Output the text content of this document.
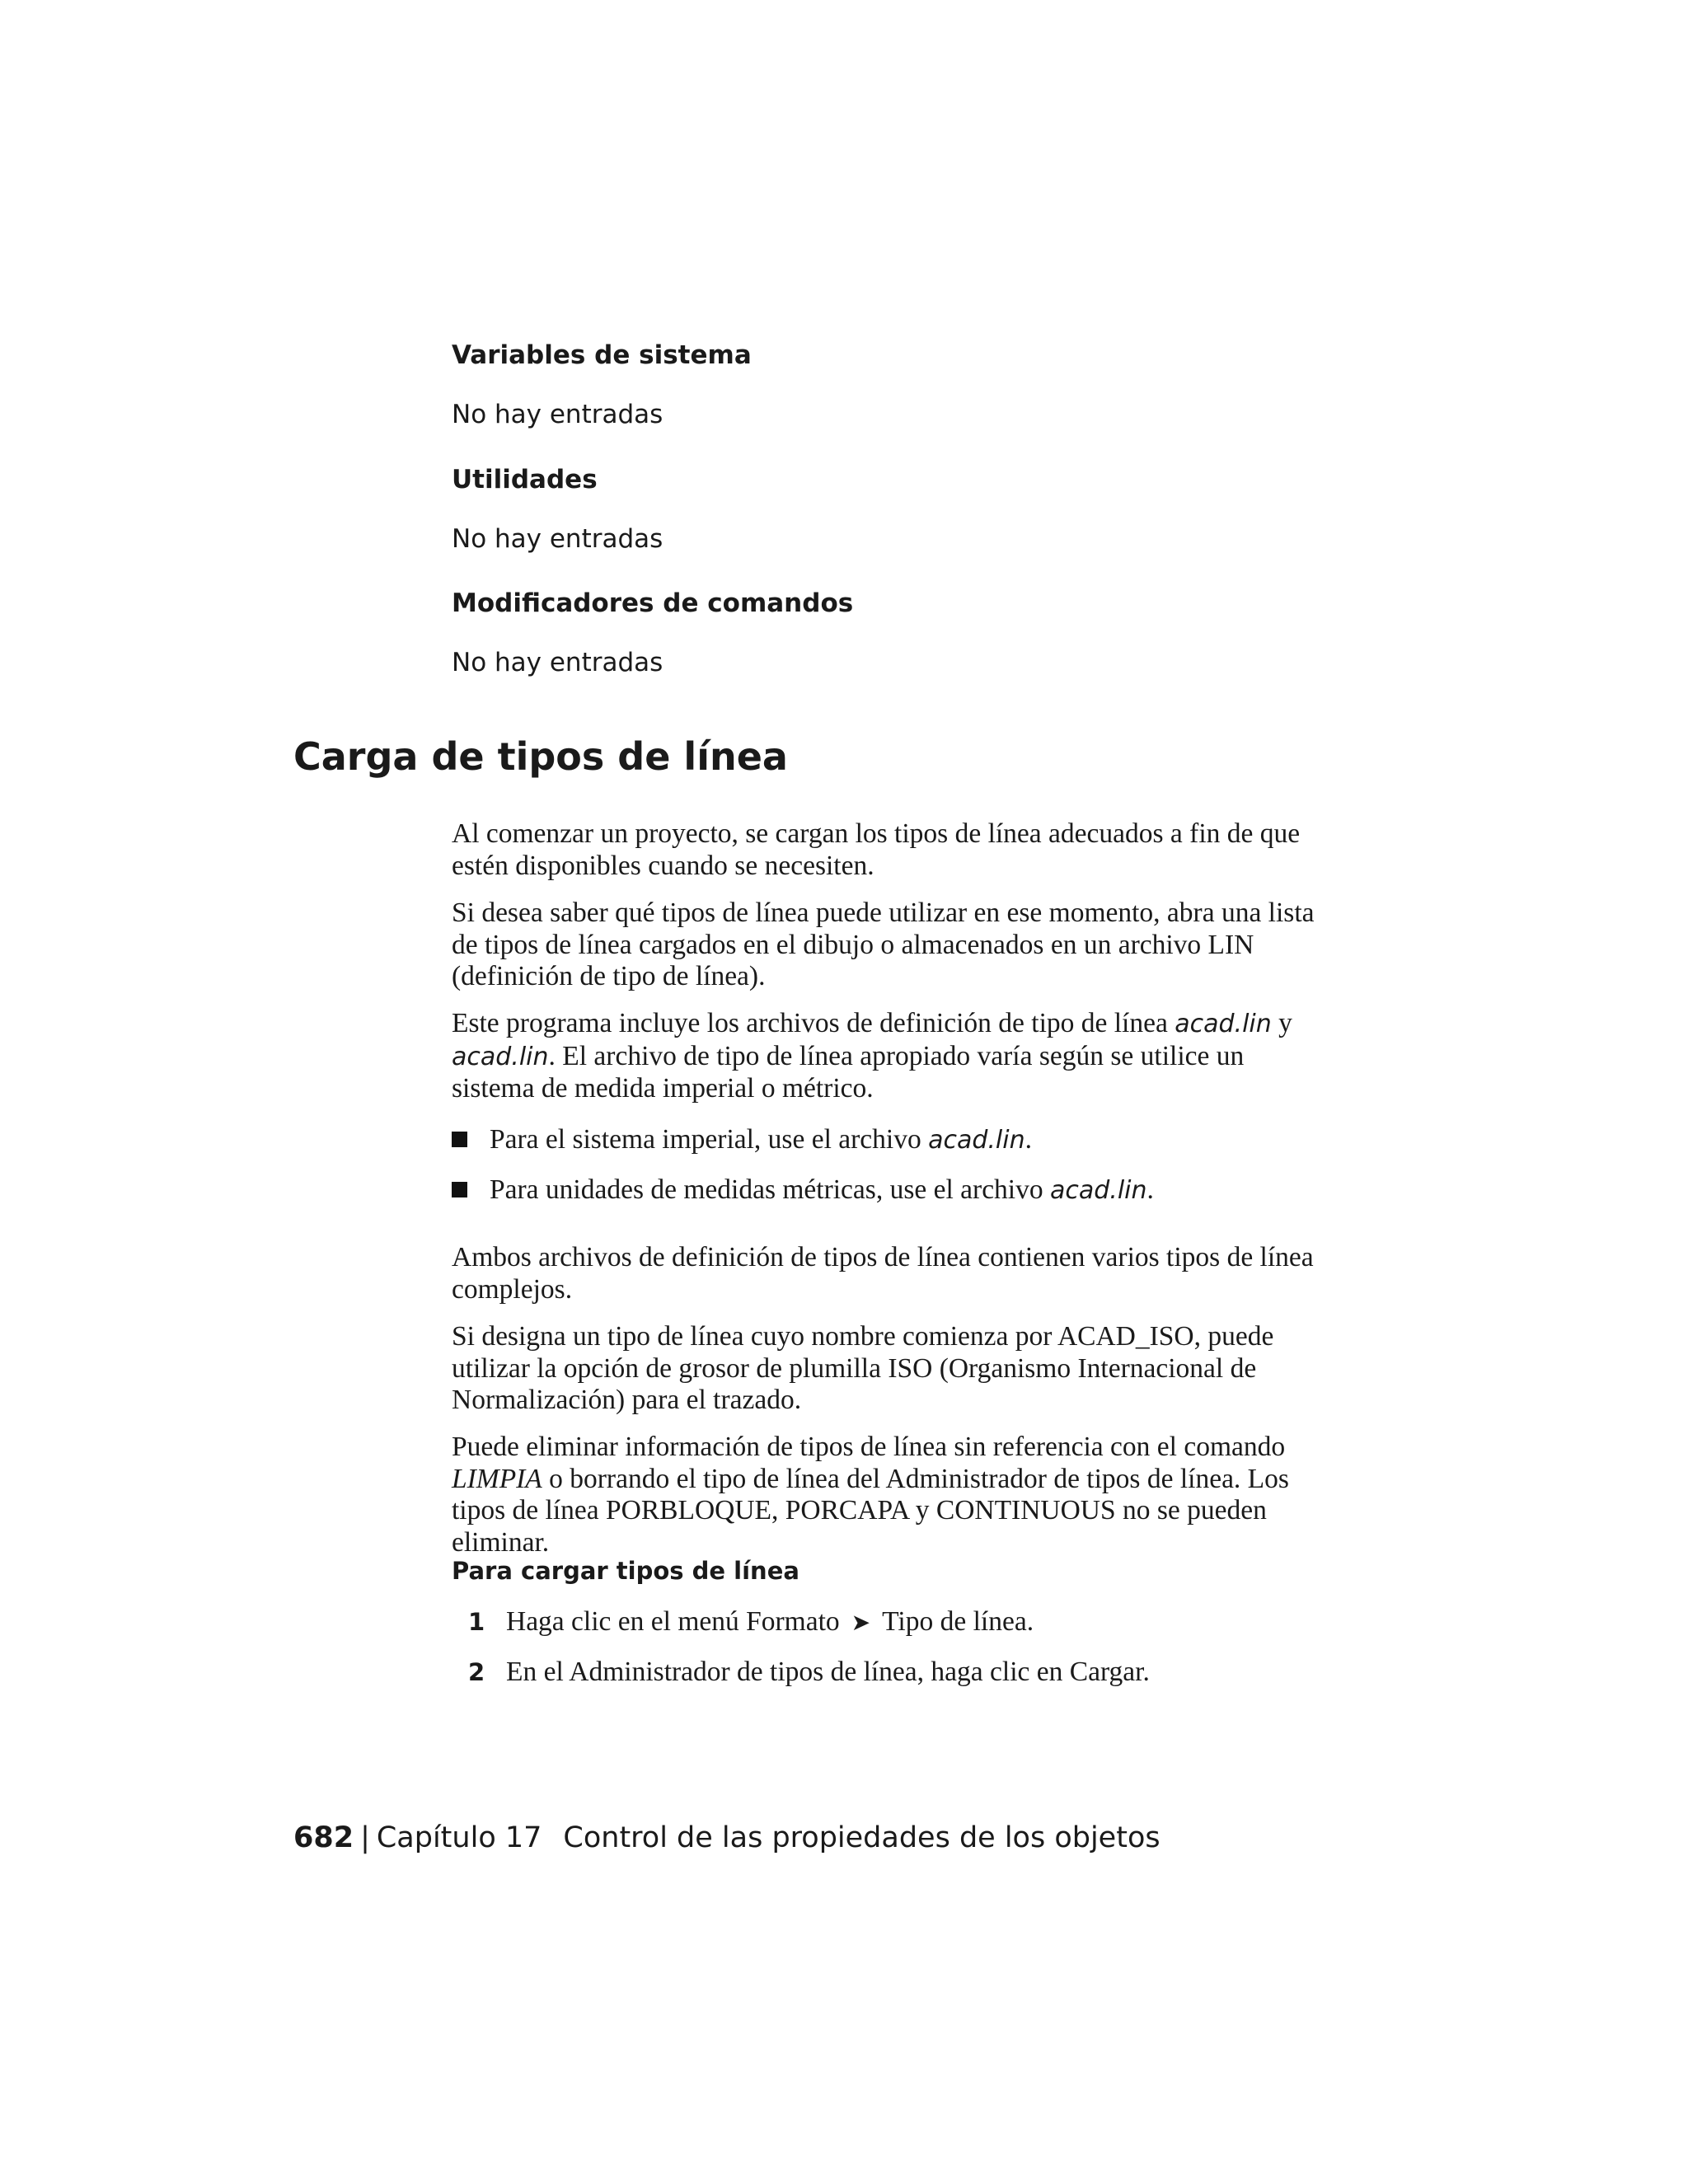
Variables de sistema

No hay entradas

Utilidades

No hay entradas

Modificadores de comandos

No hay entradas

Carga de tipos de línea

Al comenzar un proyecto, se cargan los tipos de línea adecuados a fin de que estén disponibles cuando se necesiten.

Si desea saber qué tipos de línea puede utilizar en ese momento, abra una lista de tipos de línea cargados en el dibujo o almacenados en un archivo LIN (definición de tipo de línea).

Este programa incluye los archivos de definición de tipo de línea acad.lin y acad.lin. El archivo de tipo de línea apropiado varía según se utilice un sistema de medida imperial o métrico.

Para el sistema imperial, use el archivo acad.lin.
Para unidades de medidas métricas, use el archivo acad.lin.

Ambos archivos de definición de tipos de línea contienen varios tipos de línea complejos.

Si designa un tipo de línea cuyo nombre comienza por ACAD_ISO, puede utilizar la opción de grosor de plumilla ISO (Organismo Internacional de Normalización) para el trazado.

Puede eliminar información de tipos de línea sin referencia con el comando LIMPIA o borrando el tipo de línea del Administrador de tipos de línea. Los tipos de línea PORBLOQUE, PORCAPA y CONTINUOUS no se pueden eliminar.

Para cargar tipos de línea

1 Haga clic en el menú Formato ➤ Tipo de línea.
2 En el Administrador de tipos de línea, haga clic en Cargar.
682 | Capítulo 17 Control de las propiedades de los objetos
